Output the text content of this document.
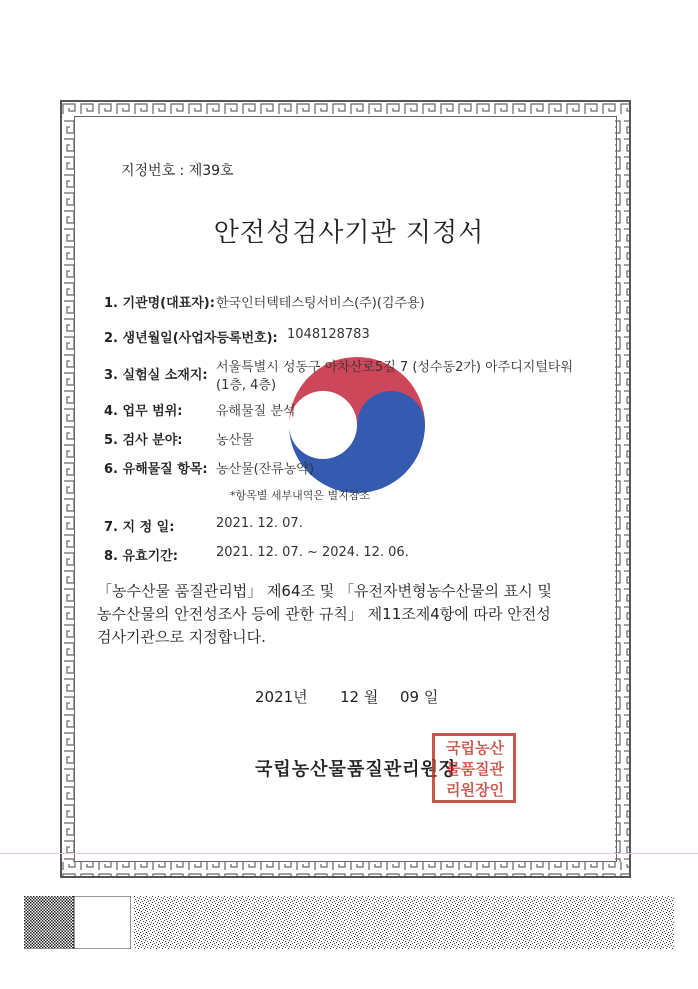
지정번호 : 제39호
안전성검사기관 지정서
1. 기관명(대표자): 한국인터텍테스팅서비스(주)(김주용)
2. 생년월일(사업자등록번호): 1048128783
3. 실험실 소재지:
서울특별시 성동구 아차산로5길 7 (성수동2가) 아주디지털타워
(1층, 4층)
4. 업무 범위:	유해물질 분석
5. 검사 분야:	농산물
6. 유해물질 항목: 농산물(잔류농약)
*항목별 세부내역은 별지참조
7. 지 정 일:	2021. 12. 07.
8. 유효기간:	2021. 12. 07. ~ 2024. 12. 06.
「농수산물 품질관리법」 제64조 및 「유전자변형농수산물의 표시 및
농수산물의 안전성조사 등에 관한 규칙」 제11조제4항에 따라 안전성
검사기관으로 지정합니다.
2021년 12 월 09 일
국립농산물품질관리원장
국립농산
물품질관
리원장인
